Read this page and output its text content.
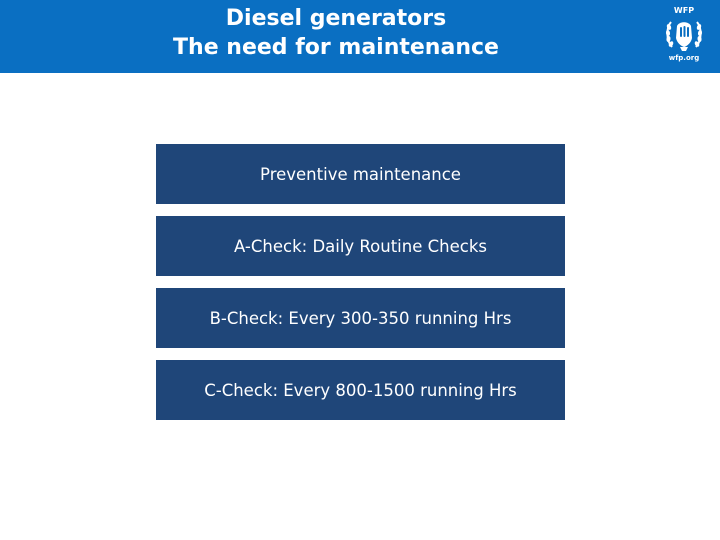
Diesel generators
The need for maintenance
WFP
wfp.org
Preventive maintenance
A-Check: Daily Routine Checks
B-Check: Every 300-350 running Hrs
C-Check: Every 800-1500 running Hrs
